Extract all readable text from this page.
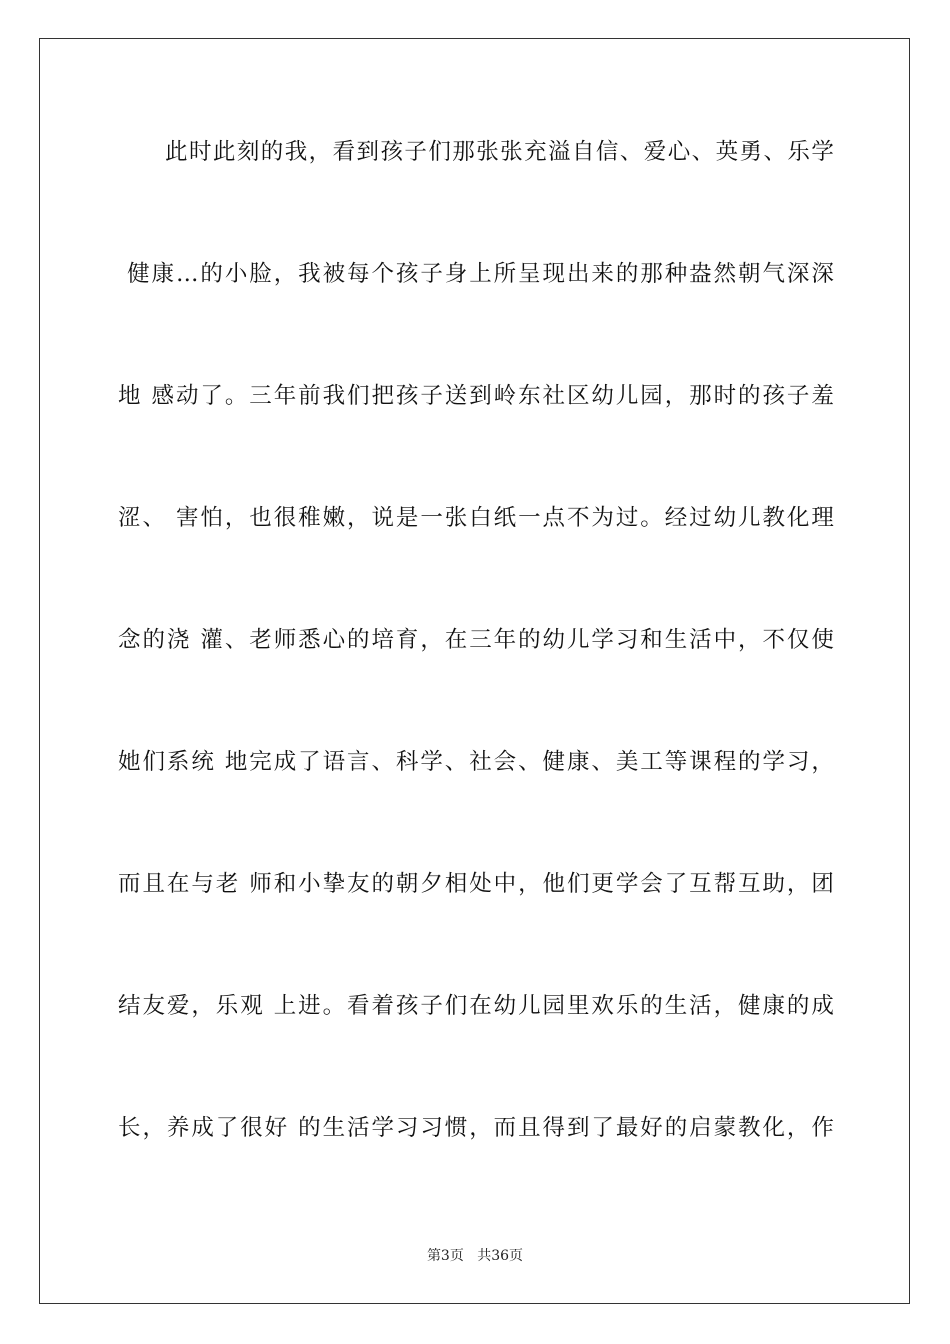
此 时 此 刻 的 我 ， 看 到 孩 子 们 那 张 张 充 溢 自 信 、 爱 心 、 英 勇 、 乐 学

健 康 … 的 小 脸 ， 我 被 每 个 孩 子 身 上 所 呈 现 出 来 的 那 种 盎 然 朝 气 深 深
地
感 动 了 。 三 年 前 我 们 把 孩 子 送 到 岭 东 社 区 幼 儿 园 ， 那 时 的 孩 子 羞
涩 、
害 怕 ， 也 很 稚 嫩 ， 说 是 一 张 白 纸 一 点 不 为 过 。 经 过 幼 儿 教 化 理
念 的 浇
灌 、 老 师 悉 心 的 培 育 ， 在 三 年 的 幼 儿 学 习 和 生 活 中 ， 不 仅 使
她 们 系 统
地 完 成 了 语 言 、 科 学 、 社 会 、 健 康 、 美 工 等 课 程 的 学 习 ，
而 且 在 与 老
师 和 小 挚 友 的 朝 夕 相 处 中 ， 他 们 更 学 会 了 互 帮 互 助 ， 团
结 友 爱 ， 乐 观
上 进 。 看 着 孩 子 们 在 幼 儿 园 里 欢 乐 的 生 活 ， 健 康 的 成
长 ， 养 成 了 很 好
的 生 活 学 习 习 惯 ， 而 且 得 到 了 最 好 的 启 蒙 教 化 ， 作
第3页 共36页
